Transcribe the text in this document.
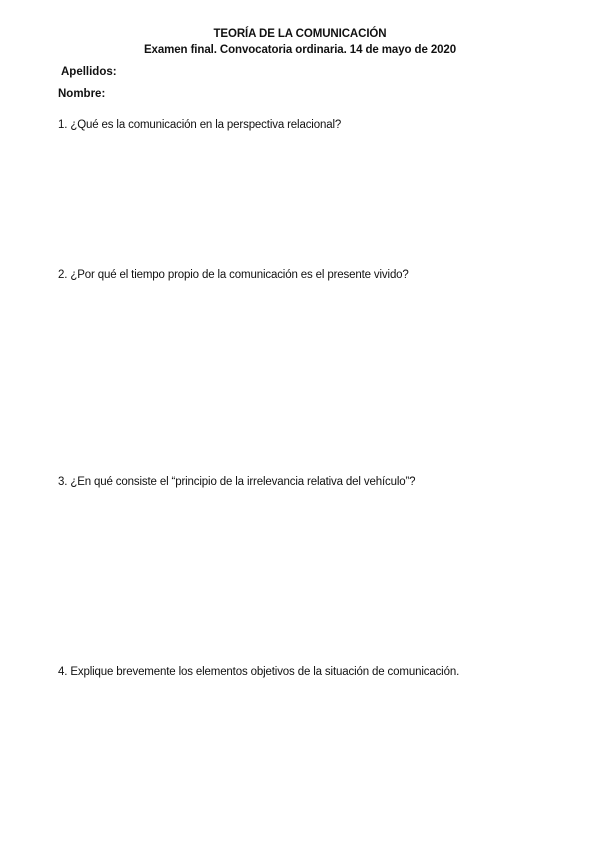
TEORÍA DE LA COMUNICACIÓN
Examen final. Convocatoria ordinaria. 14 de mayo de 2020
Apellidos:
Nombre:
1. ¿Qué es la comunicación en la perspectiva relacional?
2. ¿Por qué el tiempo propio de la comunicación es el presente vivido?
3. ¿En qué consiste el “principio de la irrelevancia relativa del vehículo”?
4. Explique brevemente los elementos objetivos de la situación de comunicación.
